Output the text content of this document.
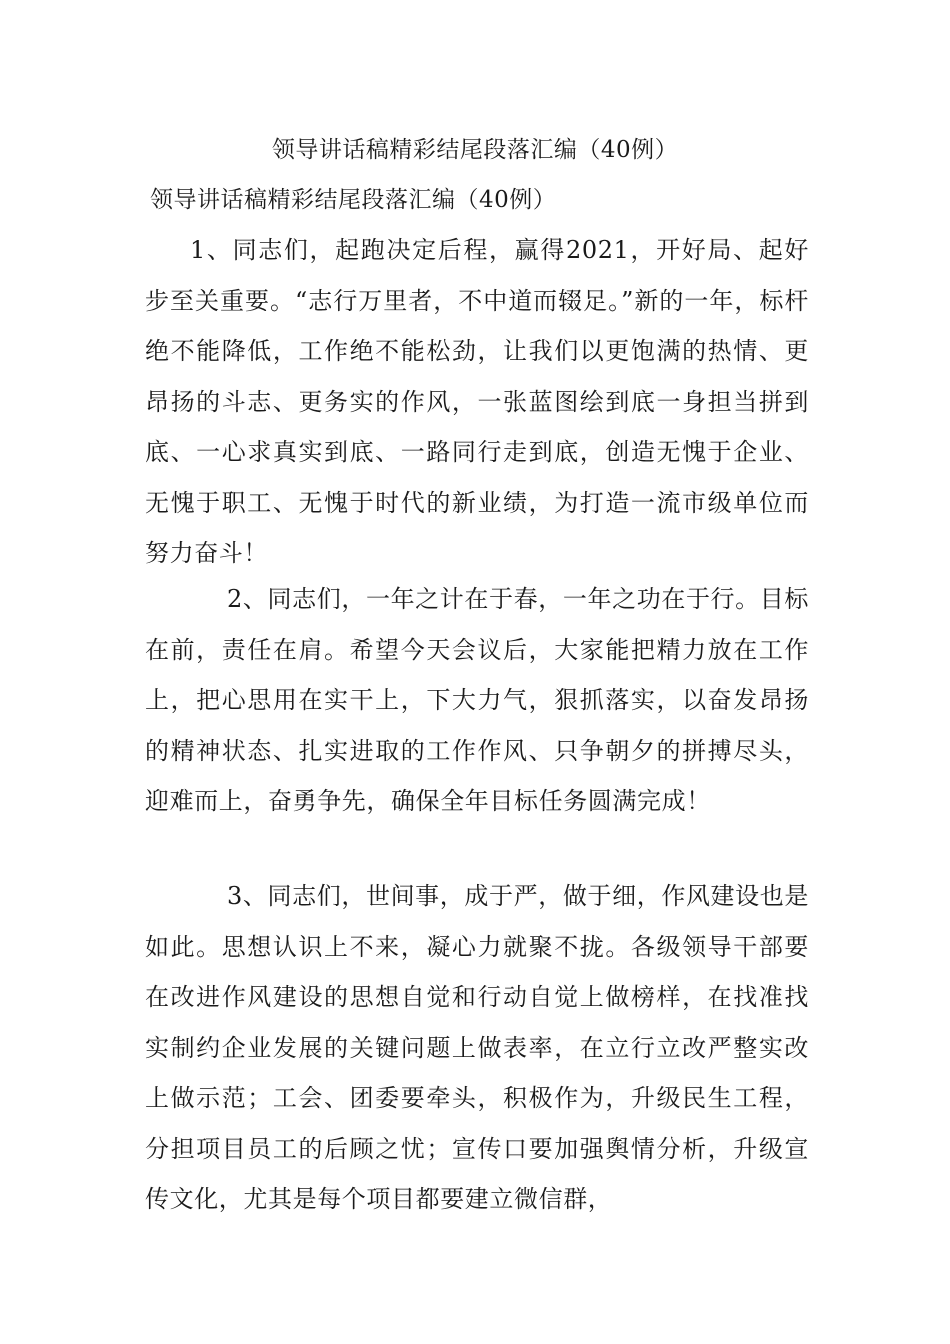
领导讲话稿精彩结尾段落汇编（40例）
领导讲话稿精彩结尾段落汇编（40例）

1、同志们，起跑决定后程，赢得2021，开好局、起好步至关重要。“志行万里者，不中道而辍足。”新的一年，标杆绝不能降低，工作绝不能松劲，让我们以更饱满的热情、更昂扬的斗志、更务实的作风，一张蓝图绘到底一身担当拼到底、一心求真实到底、一路同行走到底，创造无愧于企业、无愧于职工、无愧于时代的新业绩，为打造一流市级单位而努力奋斗！

2、同志们，一年之计在于春，一年之功在于行。目标在前，责任在肩。希望今天会议后，大家能把精力放在工作上，把心思用在实干上，下大力气，狠抓落实，以奋发昂扬的精神状态、扎实进取的工作作风、只争朝夕的拼搏尽头，迎难而上，奋勇争先，确保全年目标任务圆满完成！

3、同志们，世间事，成于严，做于细，作风建设也是如此。思想认识上不来，凝心力就聚不拢。各级领导干部要在改进作风建设的思想自觉和行动自觉上做榜样，在找准找实制约企业发展的关键问题上做表率，在立行立改严整实改上做示范；工会、团委要牵头，积极作为，升级民生工程，分担项目员工的后顾之忧；宣传口要加强舆情分析，升级宣传文化，尤其是每个项目都要建立微信群，
